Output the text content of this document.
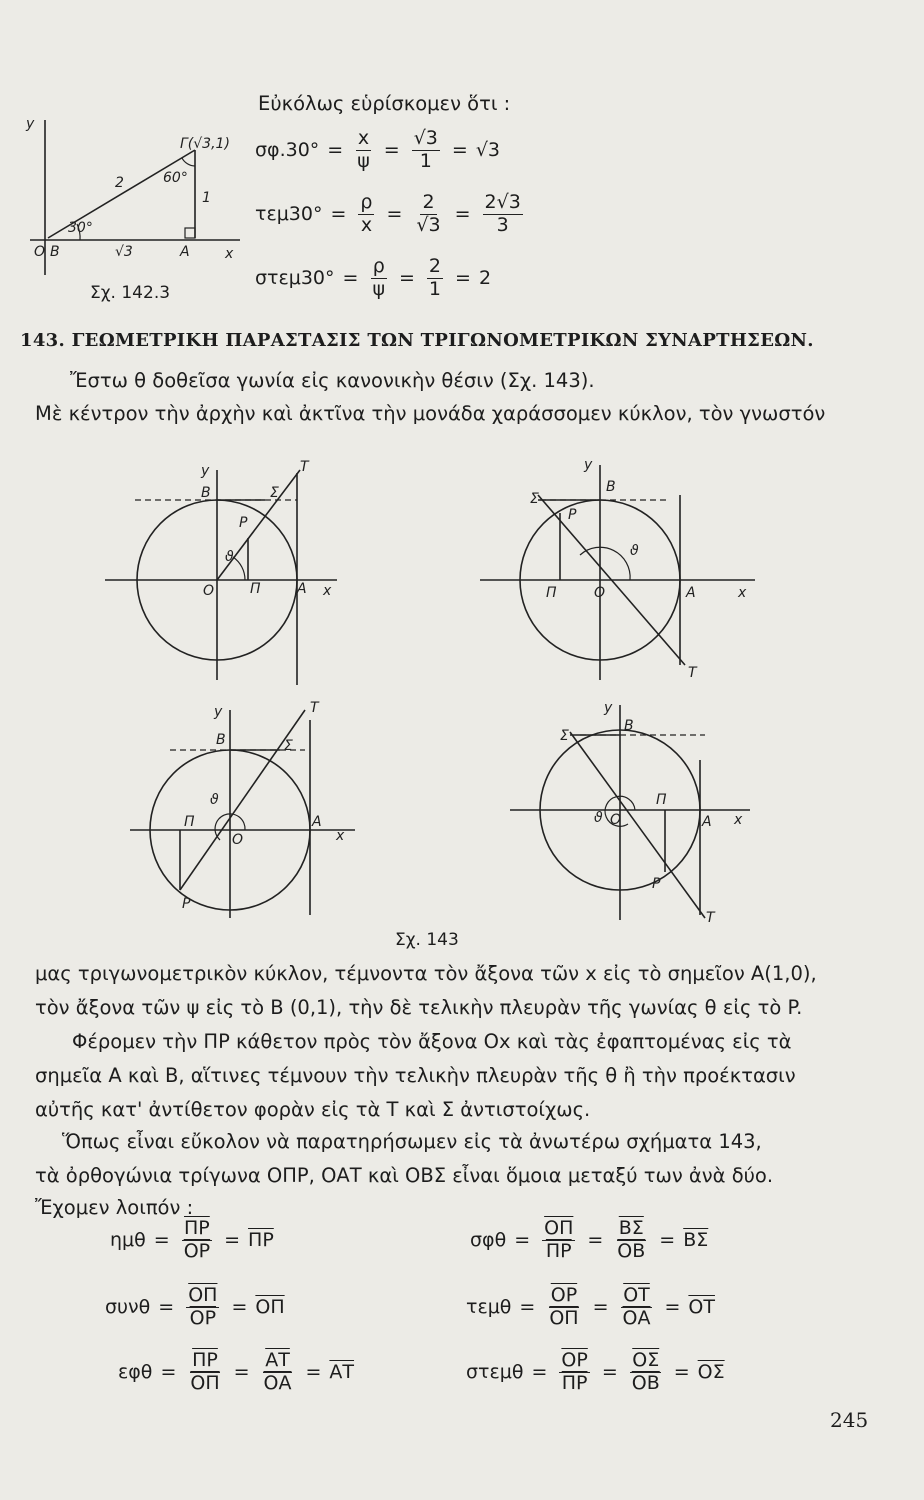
y
x
Γ(√3,1)
2
1
30°
60°
O B	√3	A
Σχ. 142.3
Εὐκόλως εὑρίσκομεν ὅτι :
$\sigma\varphi.30^\circ = \frac{x}{\psi} = \frac{√3}{1} = √3$
$\tau\varepsilon\mu 30^\circ = \frac{\rho}{x} = \frac{2}{√3} = \frac{2√3}{3}$
$\sigma\tau\varepsilon\mu 30^\circ = \frac{\rho}{\psi} = \frac{2}{1} = 2$
143. ΓΕΩΜΕΤΡΙΚΗ ΠΑΡΑΣΤΑΣΙΣ ΤΩΝ ΤΡΙΓΩΝΟΜΕΤΡΙΚΩΝ ΣΥΝΑΡΤΗΣΕΩΝ.
Ἔστω θ δοθεῖσα γωνία εἰς κανονικὴν θέσιν (Σχ. 143).
Μὲ κέντρον τὴν ἀρχὴν καὶ ἀκτῖνα τὴν μονάδα χαράσσομεν κύκλον, τὸν γνωστόν
y	T
Σ
B
P
ϑ
O	Π	A x
y
Σ
B
P
ϑ
Π	O	A	x
T
y	T
Σ
B
ϑ
Π
O
A
x
P
y
Σ
B
Π
ϑ O	A x
P
T
Σχ. 143
μας τριγωνομετρικὸν κύκλον, τέμνοντα τὸν ἄξονα τῶν x εἰς τὸ σημεῖον A(1,0),
τὸν ἄξονα τῶν ψ εἰς τὸ B (0,1), τὴν δὲ τελικὴν πλευρὰν τῆς γωνίας θ εἰς τὸ P.
Φέρομεν τὴν ΠΡ κάθετον πρὸς τὸν ἄξονα Ox καὶ τὰς ἐφαπτομένας εἰς τὰ
σημεῖα A καὶ B, αἵτινες τέμνουν τὴν τελικὴν πλευρὰν τῆς θ ἢ τὴν προέκτασιν
αὐτῆς κατ' ἀντίθετον φορὰν εἰς τὰ T καὶ Σ ἀντιστοίχως.
Ὅπως εἶναι εὔκολον νὰ παρατηρήσωμεν εἰς τὰ ἀνωτέρω σχήματα 143,
τὰ ὀρθογώνια τρίγωνα ΟΠΡ, ΟΑΤ καὶ ΟΒΣ εἶναι ὅμοια μεταξύ των ἀνὰ δύο.
Ἔχομεν λοιπόν :
$\eta\mu\theta = \frac{\overline{\Pi P}}{OP} = \overline{\Pi P}$
$\sigma\upsilon\nu\theta = \frac{\overline{O\Pi}}{OP} = \overline{O\Pi}$
$\varepsilon\varphi\theta = \frac{\overline{\Pi P}}{O\Pi} = \frac{\overline{AT}}{OA} = \overline{AT}$
$\sigma\varphi\theta = \frac{\overline{O\Pi}}{\Pi P} = \frac{\overline{B\Sigma}}{OB} = \overline{B\Sigma}$
$\tau\varepsilon\mu\theta = \frac{\overline{OP}}{O\Pi} = \frac{\overline{OT}}{OA} = \overline{OT}$
$\sigma\tau\varepsilon\mu\theta = \frac{\overline{OP}}{\Pi P} = \frac{\overline{O\Sigma}}{OB} = \overline{O\Sigma}$
245
